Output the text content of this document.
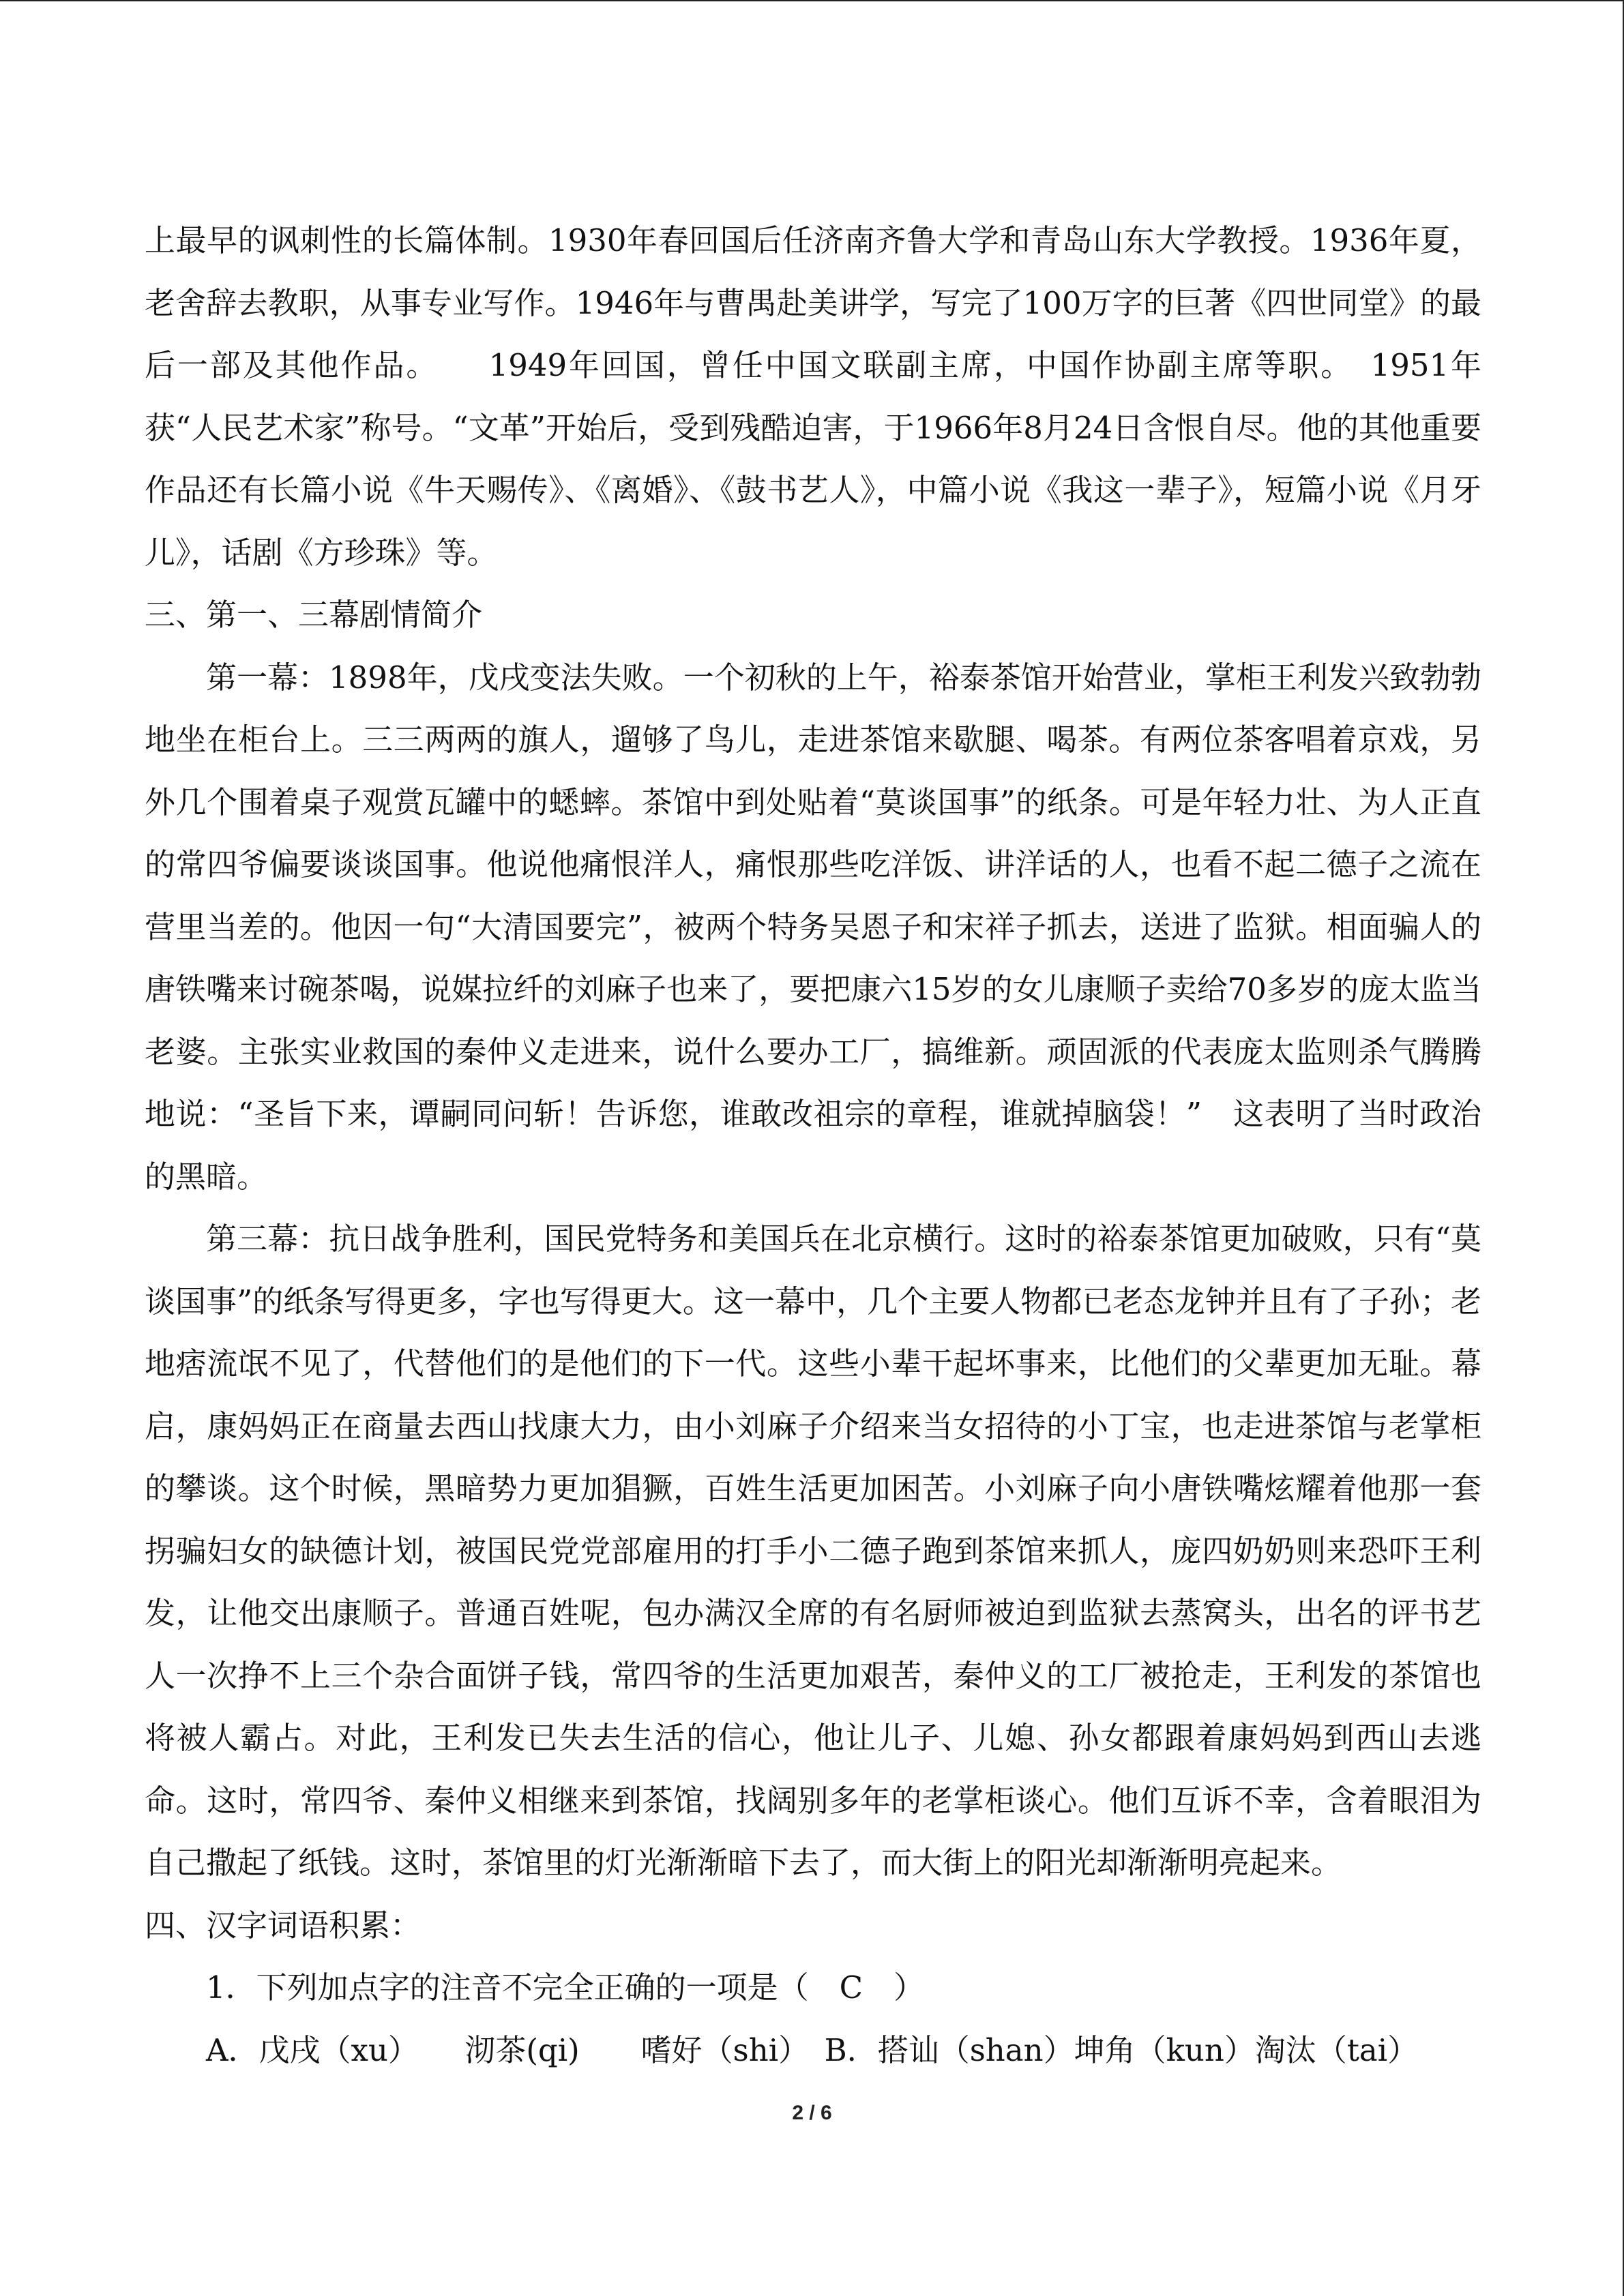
上最早的讽刺性的长篇体制。1930年春回国后任济南齐鲁大学和青岛山东大学教授。1936年夏，老舍辞去教职，从事专业写作。1946年与曹禺赴美讲学，写完了100万字的巨著《四世同堂》的最后一部及其他作品。　　1949年回国，曾任中国文联副主席，中国作协副主席等职。　1951年获“人民艺术家”称号。“文革”开始后，受到残酷迫害，于1966年8月24日含恨自尽。他的其他重要作品还有长篇小说《牛天赐传》、《离婚》、《鼓书艺人》，中篇小说《我这一辈子》，短篇小说《月牙儿》，话剧《方珍珠》等。

三、第一、三幕剧情简介

第一幕：1898年，戊戌变法失败。一个初秋的上午，裕泰茶馆开始营业，掌柜王利发兴致勃勃地坐在柜台上。三三两两的旗人，遛够了鸟儿，走进茶馆来歇腿、喝茶。有两位茶客唱着京戏，另外几个围着桌子观赏瓦罐中的蟋蟀。茶馆中到处贴着“莫谈国事”的纸条。可是年轻力壮、为人正直的常四爷偏要谈谈国事。他说他痛恨洋人，痛恨那些吃洋饭、讲洋话的人，也看不起二德子之流在营里当差的。他因一句“大清国要完”，被两个特务吴恩子和宋祥子抓去，送进了监狱。相面骗人的唐铁嘴来讨碗茶喝，说媒拉纤的刘麻子也来了，要把康六15岁的女儿康顺子卖给70多岁的庞太监当老婆。主张实业救国的秦仲义走进来，说什么要办工厂，搞维新。顽固派的代表庞太监则杀气腾腾地说：“圣旨下来，谭嗣同问斩！告诉您，谁敢改祖宗的章程，谁就掉脑袋！”　这表明了当时政治的黑暗。

第三幕：抗日战争胜利，国民党特务和美国兵在北京横行。这时的裕泰茶馆更加破败，只有“莫谈国事”的纸条写得更多，字也写得更大。这一幕中，几个主要人物都已老态龙钟并且有了子孙；老地痞流氓不见了，代替他们的是他们的下一代。这些小辈干起坏事来，比他们的父辈更加无耻。幕启，康妈妈正在商量去西山找康大力，由小刘麻子介绍来当女招待的小丁宝，也走进茶馆与老掌柜的攀谈。这个时候，黑暗势力更加猖獗，百姓生活更加困苦。小刘麻子向小唐铁嘴炫耀着他那一套拐骗妇女的缺德计划，被国民党党部雇用的打手小二德子跑到茶馆来抓人，庞四奶奶则来恐吓王利发，让他交出康顺子。普通百姓呢，包办满汉全席的有名厨师被迫到监狱去蒸窝头，出名的评书艺人一次挣不上三个杂合面饼子钱，常四爷的生活更加艰苦，秦仲义的工厂被抢走，王利发的茶馆也将被人霸占。对此，王利发已失去生活的信心，他让儿子、儿媳、孙女都跟着康妈妈到西山去逃命。这时，常四爷、秦仲义相继来到茶馆，找阔别多年的老掌柜谈心。他们互诉不幸，含着眼泪为自己撒起了纸钱。这时，茶馆里的灯光渐渐暗下去了，而大街上的阳光却渐渐明亮起来。

四、汉字词语积累：

1．下列加点字的注音不完全正确的一项是（　C　）

A．戊戌（xu）　　沏茶(qi)　　嗜好（shi）　B．搭讪（shan）坤角（kun）淘汰（tai）

2 / 6
